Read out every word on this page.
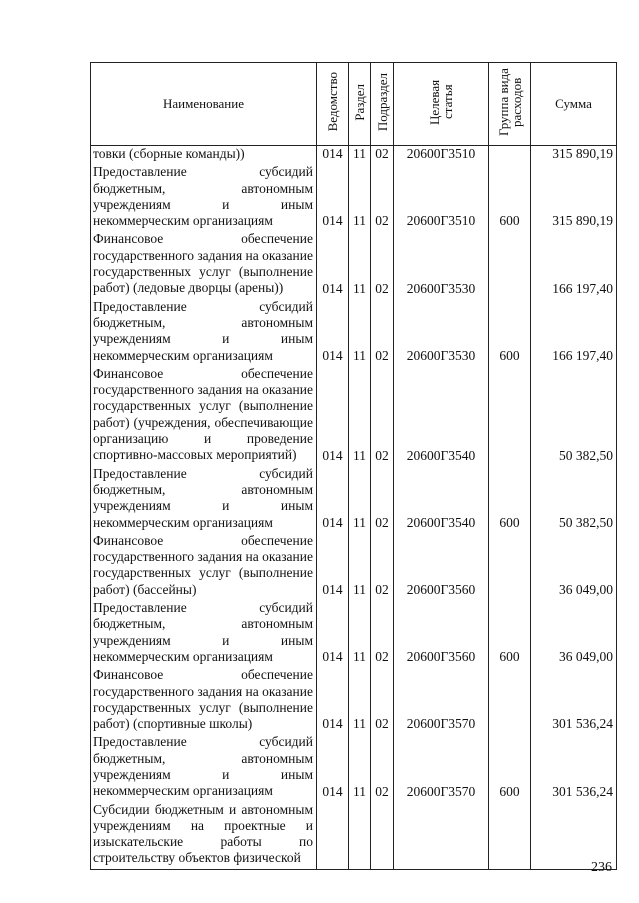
Наименование	Ведомство	Раздел	Подраздел	Целевая статья	Группа вида расходов	Сумма
товки (сборные команды))	014	11	02	20600Г3510		315 890,19
Предоставление субсидий бюджетным, автономным учреждениям и иным некоммерческим организациям	014	11	02	20600Г3510	600	315 890,19
Финансовое обеспечение государственного задания на оказание государственных услуг (выполнение работ) (ледовые дворцы (арены))	014	11	02	20600Г3530		166 197,40
Предоставление субсидий бюджетным, автономным учреждениям и иным некоммерческим организациям	014	11	02	20600Г3530	600	166 197,40
Финансовое обеспечение государственного задания на оказание государственных услуг (выполнение работ) (учреждения, обеспечивающие организацию и проведение спортивно-массовых мероприятий)	014	11	02	20600Г3540		50 382,50
Предоставление субсидий бюджетным, автономным учреждениям и иным некоммерческим организациям	014	11	02	20600Г3540	600	50 382,50
Финансовое обеспечение государственного задания на оказание государственных услуг (выполнение работ) (бассейны)	014	11	02	20600Г3560		36 049,00
Предоставление субсидий бюджетным, автономным учреждениям и иным некоммерческим организациям	014	11	02	20600Г3560	600	36 049,00
Финансовое обеспечение государственного задания на оказание государственных услуг (выполнение работ) (спортивные школы)	014	11	02	20600Г3570		301 536,24
Предоставление субсидий бюджетным, автономным учреждениям и иным некоммерческим организациям	014	11	02	20600Г3570	600	301 536,24
Субсидии бюджетным и автономным учреждениям на проектные и изыскательские работы по строительству объектов физической						
236
